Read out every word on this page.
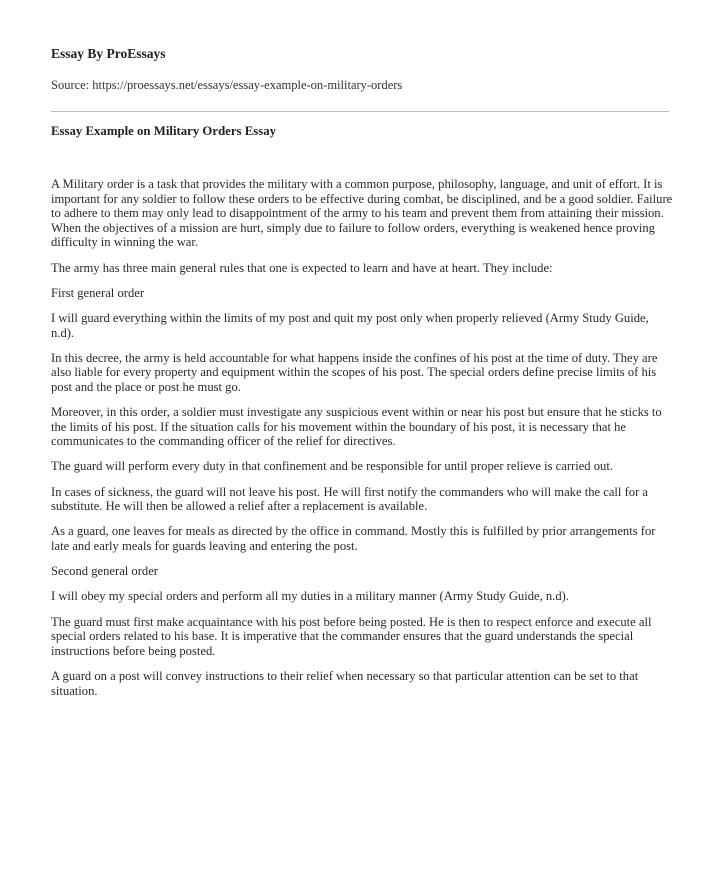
Essay By ProEssays
Source: https://proessays.net/essays/essay-example-on-military-orders
Essay Example on Military Orders Essay

A Military order is a task that provides the military with a common purpose, philosophy, language, and unit of effort. It is important for any soldier to follow these orders to be effective during combat, be disciplined, and be a good soldier. Failure to adhere to them may only lead to disappointment of the army to his team and prevent them from attaining their mission. When the objectives of a mission are hurt, simply due to failure to follow orders, everything is weakened hence proving difficulty in winning the war.

The army has three main general rules that one is expected to learn and have at heart. They include:

First general order

I will guard everything within the limits of my post and quit my post only when properly relieved (Army Study Guide, n.d).

In this decree, the army is held accountable for what happens inside the confines of his post at the time of duty. They are also liable for every property and equipment within the scopes of his post. The special orders define precise limits of his post and the place or post he must go.

Moreover, in this order, a soldier must investigate any suspicious event within or near his post but ensure that he sticks to the limits of his post. If the situation calls for his movement within the boundary of his post, it is necessary that he communicates to the commanding officer of the relief for directives.

The guard will perform every duty in that confinement and be responsible for until proper relieve is carried out.

In cases of sickness, the guard will not leave his post. He will first notify the commanders who will make the call for a substitute. He will then be allowed a relief after a replacement is available.

As a guard, one leaves for meals as directed by the office in command. Mostly this is fulfilled by prior arrangements for late and early meals for guards leaving and entering the post.

Second general order

I will obey my special orders and perform all my duties in a military manner (Army Study Guide, n.d).

The guard must first make acquaintance with his post before being posted. He is then to respect enforce and execute all special orders related to his base. It is imperative that the commander ensures that the guard understands the special instructions before being posted.

A guard on a post will convey instructions to their relief when necessary so that particular attention can be set to that situation.
